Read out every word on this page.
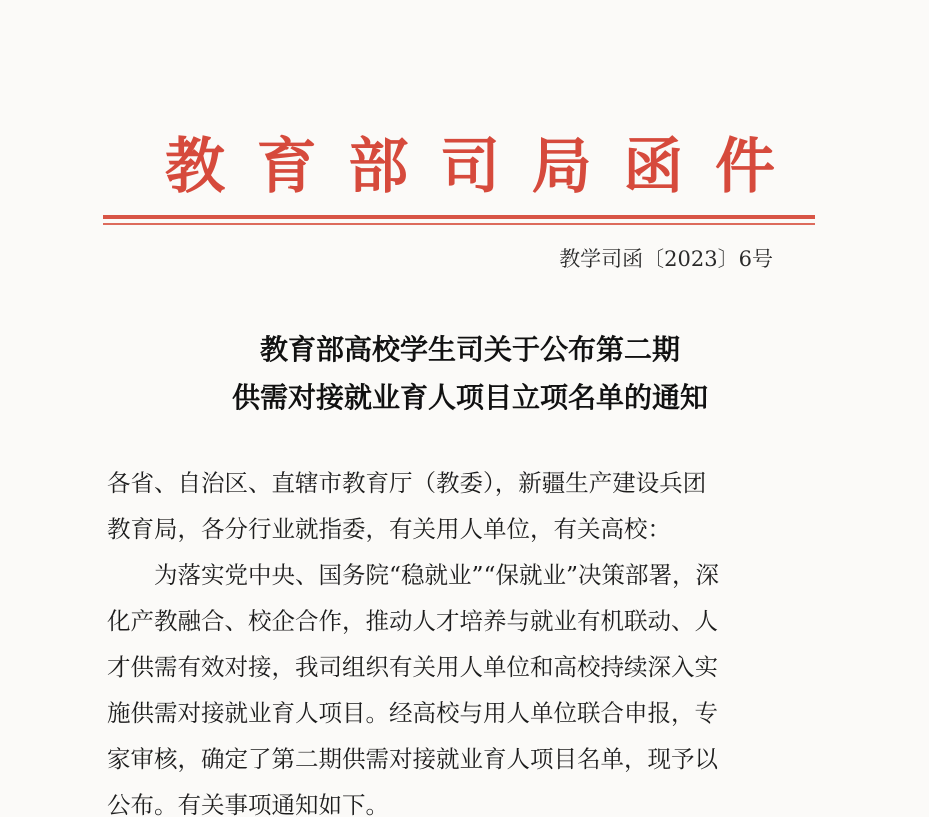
教 育 部 司 局 函 件
教学司函〔2023〕6号
教育部高校学生司关于公布第二期
供需对接就业育人项目立项名单的通知
各省、自治区、直辖市教育厅（教委），新疆生产建设兵团
教育局，各分行业就指委，有关用人单位，有关高校：
为落实党中央、国务院“稳就业”“保就业”决策部署，深
化产教融合、校企合作，推动人才培养与就业有机联动、人
才供需有效对接，我司组织有关用人单位和高校持续深入实
施供需对接就业育人项目。经高校与用人单位联合申报，专
家审核，确定了第二期供需对接就业育人项目名单，现予以
公布。有关事项通知如下。
